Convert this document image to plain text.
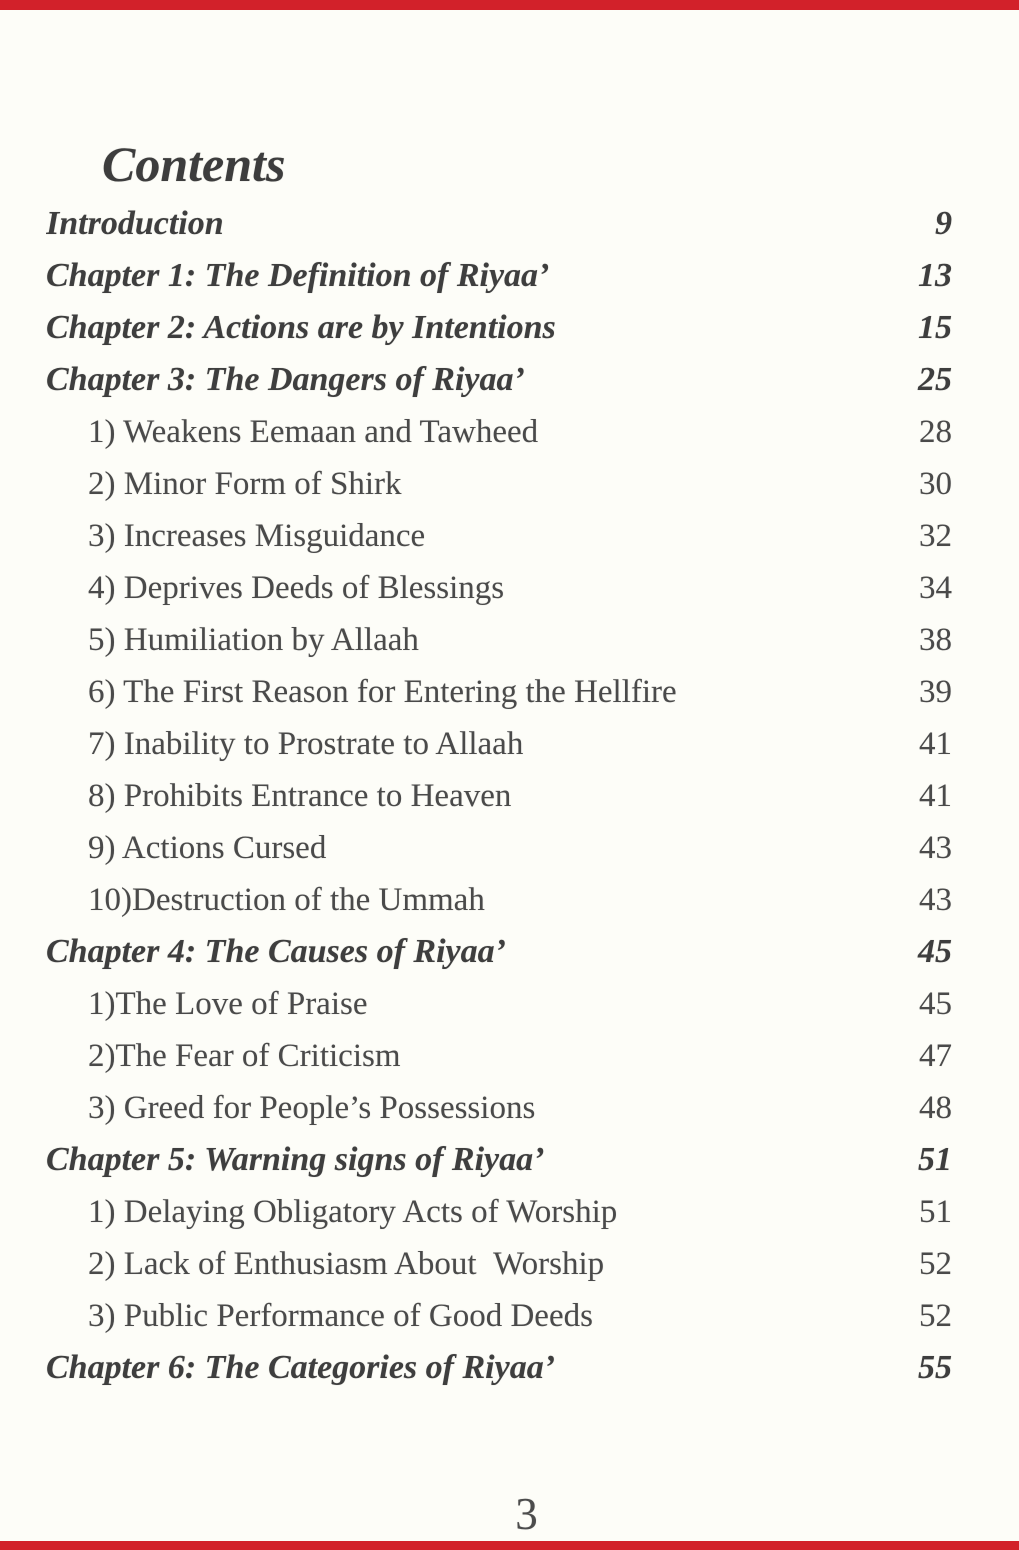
Contents
Introduction	9
Chapter 1: The Definition of Riyaa’	13
Chapter 2: Actions are by Intentions	15
Chapter 3: The Dangers of Riyaa’	25
1) Weakens Eemaan and Tawheed	28
2) Minor Form of Shirk	30
3) Increases Misguidance	32
4) Deprives Deeds of Blessings	34
5) Humiliation by Allaah	38
6) The First Reason for Entering the Hellfire	39
7) Inability to Prostrate to Allaah	41
8) Prohibits Entrance to Heaven	41
9) Actions Cursed	43
10)Destruction of the Ummah	43
Chapter 4: The Causes of Riyaa’	45
1)The Love of Praise	45
2)The Fear of Criticism	47
3) Greed for People’s Possessions	48
Chapter 5: Warning signs of Riyaa’	51
1) Delaying Obligatory Acts of Worship	51
2) Lack of Enthusiasm About  Worship	52
3) Public Performance of Good Deeds	52
Chapter 6: The Categories of Riyaa’	55
3
